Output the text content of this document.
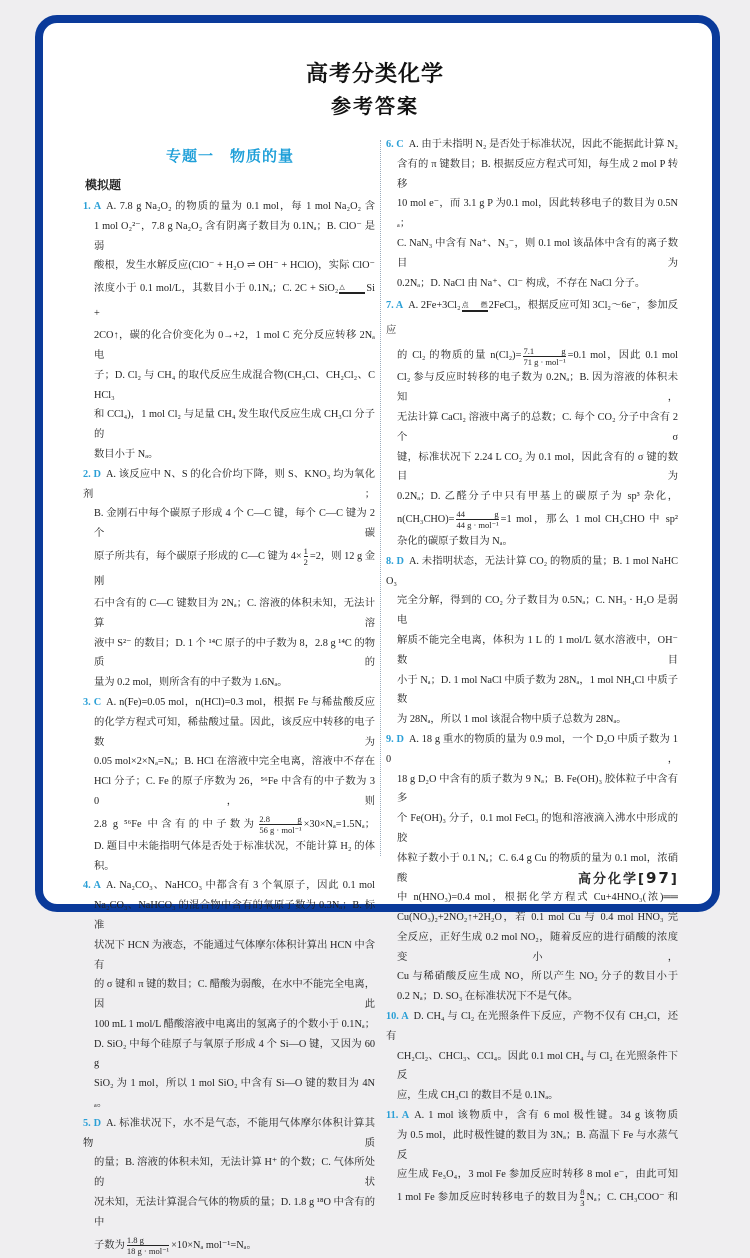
高考分类化学
参考答案
专题一　物质的量
模拟题
1. A A. 7.8 g Na₂O₂ 的物质的量为 0.1 mol，每 1 mol Na₂O₂ 含
1 mol O₂²⁻，7.8 g Na₂O₂ 含有阴离子数目为 0.1Nₐ；B. ClO⁻ 是弱
酸根，发生水解反应(ClO⁻ + H₂O ⇌ OH⁻ + HClO)，实际 ClO⁻
浓度小于 0.1 mol/L，其数目小于 0.1Nₐ；C. 2C + SiO₂ △	Si +
2CO↑，碳的化合价变化为 0→+2，1 mol C 充分反应转移 2Nₐ 电
子；D. Cl₂ 与 CH₄ 的取代反应生成混合物(CH₃Cl、CH₂Cl₂、CHCl₃
和 CCl₄)，1 mol Cl₂ 与足量 CH₄ 发生取代反应生成 CH₃Cl 分子的
数目小于 Nₐ。
2. D A. 该反应中 N、S 的化合价均下降，则 S、KNO₃ 均为氧化剂；
B. 金刚石中每个碳原子形成 4 个 C—C 键，每个 C—C 键为 2 个碳
原子所共有，每个碳原子形成的 C—C 键为 $4\times \frac{1}{2} =2$，则 12 g 金刚
石中含有的 C—C 键数目为 2Nₐ；C. 溶液的体积未知，无法计算溶
液中 S²⁻ 的数目；D. 1 个 ¹⁴C 原子的中子数为 8，2.8 g ¹⁴C 的物质的
量为 0.2 mol，则所含有的中子数为 1.6Nₐ。
3. C A. n(Fe)=0.05 mol，n(HCl)=0.3 mol，根据 Fe 与稀盐酸反应
的化学方程式可知，稀盐酸过量。因此，该反应中转移的电子数为
0.05 mol×2×Nₐ=Nₐ；B. HCl 在溶液中完全电离，溶液中不存在
HCl 分子；C. Fe 的原子序数为 26，⁵⁶Fe 中含有的中子数为 30，则
2.8 g ⁵⁶Fe 中含有的中子数为 $\frac{2.8 g}{\text{56 g · mol⁻¹}} \times 30\times N_a=1.5N_a$；
D. 题目中未能指明气体是否处于标准状况，不能计算 H₂ 的体积。
4. A A. Na₂CO₃、NaHCO₃ 中都含有 3 个氧原子，因此 0.1 mol
Na₂CO₃、NaHCO₃ 的混合物中含有的氧原子数为 0.3Nₐ；B. 标准
状况下 HCN 为液态，不能通过气体摩尔体积计算出 HCN 中含有
的 σ 键和 π 键的数目；C. 醋酸为弱酸，在水中不能完全电离，因此
100 mL 1 mol/L 醋酸溶液中电离出的氢离子的个数小于 0.1Nₐ；
D. SiO₂ 中每个硅原子与氧原子形成 4 个 Si—O 键，又因为 60 g
SiO₂ 为 1 mol，所以 1 mol SiO₂ 中含有 Si—O 键的数目为 4Nₐ。
5. D A. 标准状况下，水不是气态，不能用气体摩尔体积计算其物质
的量；B. 溶液的体积未知，无法计算 H⁺ 的个数；C. 气体所处的状
况未知，无法计算混合气体的物质的量；D. 1.8 g ¹⁸O 中含有的中
子数为 $\frac{1.8 g}{\text{18 g · mol⁻¹}} \times 10\times N_a$ mol⁻¹=Nₐ。
6. C A. 由于未指明 N₂ 是否处于标准状况，因此不能据此计算 N₂
含有的 π 键数目；B. 根据反应方程式可知，每生成 2 mol P 转移
10 mol e⁻，而 3.1 g P 为0.1 mol，因此转移电子的数目为 0.5Nₐ；
C. NaN₃ 中含有 Na⁺、N₃⁻，则 0.1 mol 该晶体中含有的离子数目为
0.2Nₐ；D. NaCl 由 Na⁺、Cl⁻ 构成，不存在 NaCl 分子。
7. A A. 2Fe+3Cl₂ 点燃 2FeCl₃，根据反应可知 3Cl₂～6e⁻，参加反应
的 Cl₂ 的物质的量 $n(Cl_2)= \frac{7.1 g}{\text{71 g · mol⁻¹}} =0.1$ mol，因此 0.1 mol
Cl₂ 参与反应时转移的电子数为 0.2Nₐ；B. 因为溶液的体积未知，
无法计算 CaCl₂ 溶液中离子的总数；C. 每个 CO₂ 分子中含有 2 个 σ
键，标准状况下 2.24 L CO₂ 为 0.1 mol，因此含有的 σ 键的数目为
0.2Nₐ；D. 乙醛分子中只有甲基上的碳原子为 sp³ 杂化，
$n(CH_3CHO)= \frac{44 g}{\text{44 g · mol⁻¹}} =1$ mol，那么 1 mol CH₃CHO 中 sp²
杂化的碳原子数目为 Nₐ。
8. D A. 未指明状态，无法计算 CO₂ 的物质的量；B. 1 mol NaHCO₃
完全分解，得到的 CO₂ 分子数目为 0.5Nₐ；C. NH₃ · H₂O 是弱电
解质不能完全电离，体积为 1 L 的 1 mol/L 氨水溶液中，OH⁻ 数目
小于 Nₐ；D. 1 mol NaCl 中质子数为 28Nₐ，1 mol NH₄Cl 中质子数
为 28Nₐ，所以 1 mol 该混合物中质子总数为 28Nₐ。
9. D A. 18 g 重水的物质的量为 0.9 mol，一个 D₂O 中质子数为 10，
18 g D₂O 中含有的质子数为 9 Nₐ；B. Fe(OH)₃ 胶体粒子中含有多
个 Fe(OH)₃ 分子，0.1 mol FeCl₃ 的饱和溶液滴入沸水中形成的胶
体粒子数小于 0.1 Nₐ；C. 6.4 g Cu 的物质的量为 0.1 mol，浓硝酸
中 n(HNO₃)=0.4 mol，根据化学方程式 Cu+4HNO₃(浓)══
Cu(NO₃)₂+2NO₂↑+2H₂O，若 0.1 mol Cu 与 0.4 mol HNO₃ 完
全反应，正好生成 0.2 mol NO₂，随着反应的进行硝酸的浓度变小，
Cu 与稀硝酸反应生成 NO，所以产生 NO₂ 分子的数目小于
0.2 Nₐ；D. SO₃ 在标准状况下不是气体。
10. A D. CH₄ 与 Cl₂ 在光照条件下反应，产物不仅有 CH₃Cl，还有
CH₂Cl₂、CHCl₃、CCl₄。因此 0.1 mol CH₄ 与 Cl₂ 在光照条件下反
应，生成 CH₃Cl 的数目不是 0.1Nₐ。
11. A A. 1 mol 该物质中，含有 6 mol 极性键。34 g 该物质
为 0.5 mol，此时极性键的数目为 3Nₐ；B. 高温下 Fe 与水蒸气反
应生成 Fe₃O₄，3 mol Fe 参加反应时转移 8 mol e⁻，由此可知
1 mol Fe 参加反应时转移电子的数目为 $\frac{8}{3}$ Nₐ；C. CH₃COO⁻ 和
高分化学[97]
